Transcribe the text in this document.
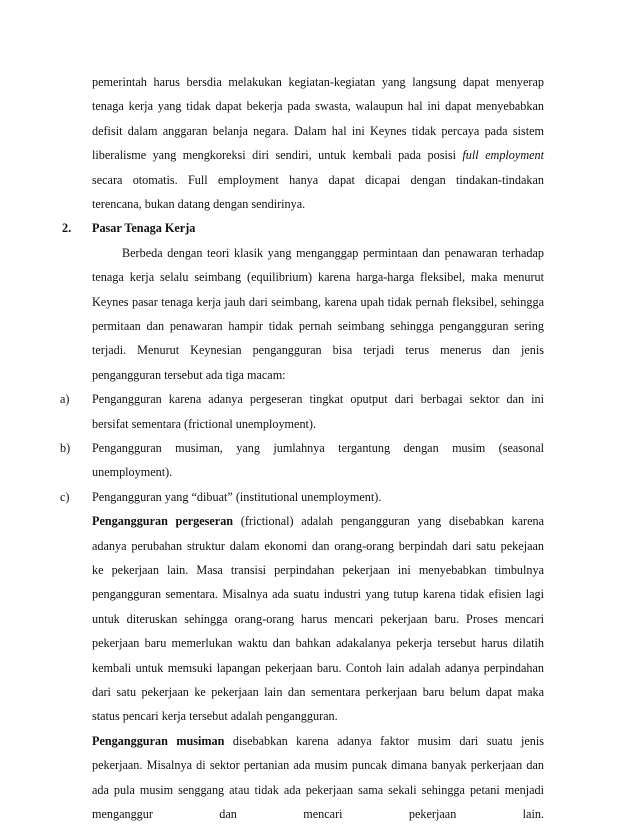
pemerintah harus bersdia melakukan kegiatan-kegiatan yang langsung dapat menyerap
tenaga kerja yang tidak dapat bekerja pada swasta, walaupun hal ini dapat menyebabkan
defisit dalam anggaran belanja negara. Dalam hal ini Keynes tidak percaya pada sistem
liberalisme yang mengkoreksi diri sendiri, untuk kembali pada posisi full employment
secara otomatis. Full employment hanya dapat dicapai dengan tindakan-tindakan
terencana, bukan datang dengan sendirinya.
2. Pasar Tenaga Kerja
Berbeda dengan teori klasik yang menganggap permintaan dan penawaran terhadap
tenaga kerja selalu seimbang (equilibrium) karena harga-harga fleksibel, maka menurut
Keynes pasar tenaga kerja jauh dari seimbang, karena upah tidak pernah fleksibel, sehingga
permitaan dan penawaran hampir tidak pernah seimbang sehingga pengangguran sering
terjadi. Menurut Keynesian pengangguran bisa terjadi terus menerus dan jenis
pengangguran tersebut ada tiga macam:
a) Pengangguran karena adanya pergeseran tingkat oputput dari berbagai sektor dan ini
bersifat sementara (frictional unemployment).
b) Pengangguran musiman, yang jumlahnya tergantung dengan musim (seasonal
unemployment).
c) Pengangguran yang “dibuat” (institutional unemployment).
Pengangguran pergeseran (frictional) adalah pengangguran yang disebabkan karena
adanya perubahan struktur dalam ekonomi dan orang-orang berpindah dari satu pekejaan
ke pekerjaan lain. Masa transisi perpindahan pekerjaan ini menyebabkan timbulnya
pengangguran sementara. Misalnya ada suatu industri yang tutup karena tidak efisien lagi
untuk diteruskan sehingga orang-orang harus mencari pekerjaan baru. Proses mencari
pekerjaan baru memerlukan waktu dan bahkan adakalanya pekerja tersebut harus dilatih
kembali untuk memsuki lapangan pekerjaan baru. Contoh lain adalah adanya perpindahan
dari satu pekerjaan ke pekerjaan lain dan sementara perkerjaan baru belum dapat maka
status pencari kerja tersebut adalah pengangguran.
Pengangguran musiman disebabkan karena adanya faktor musim dari suatu jenis
pekerjaan. Misalnya di sektor pertanian ada musim puncak dimana banyak perkerjaan dan
ada pula musim senggang atau tidak ada pekerjaan sama sekali sehingga petani menjadi
menganggur dan mencari pekerjaan lain.
